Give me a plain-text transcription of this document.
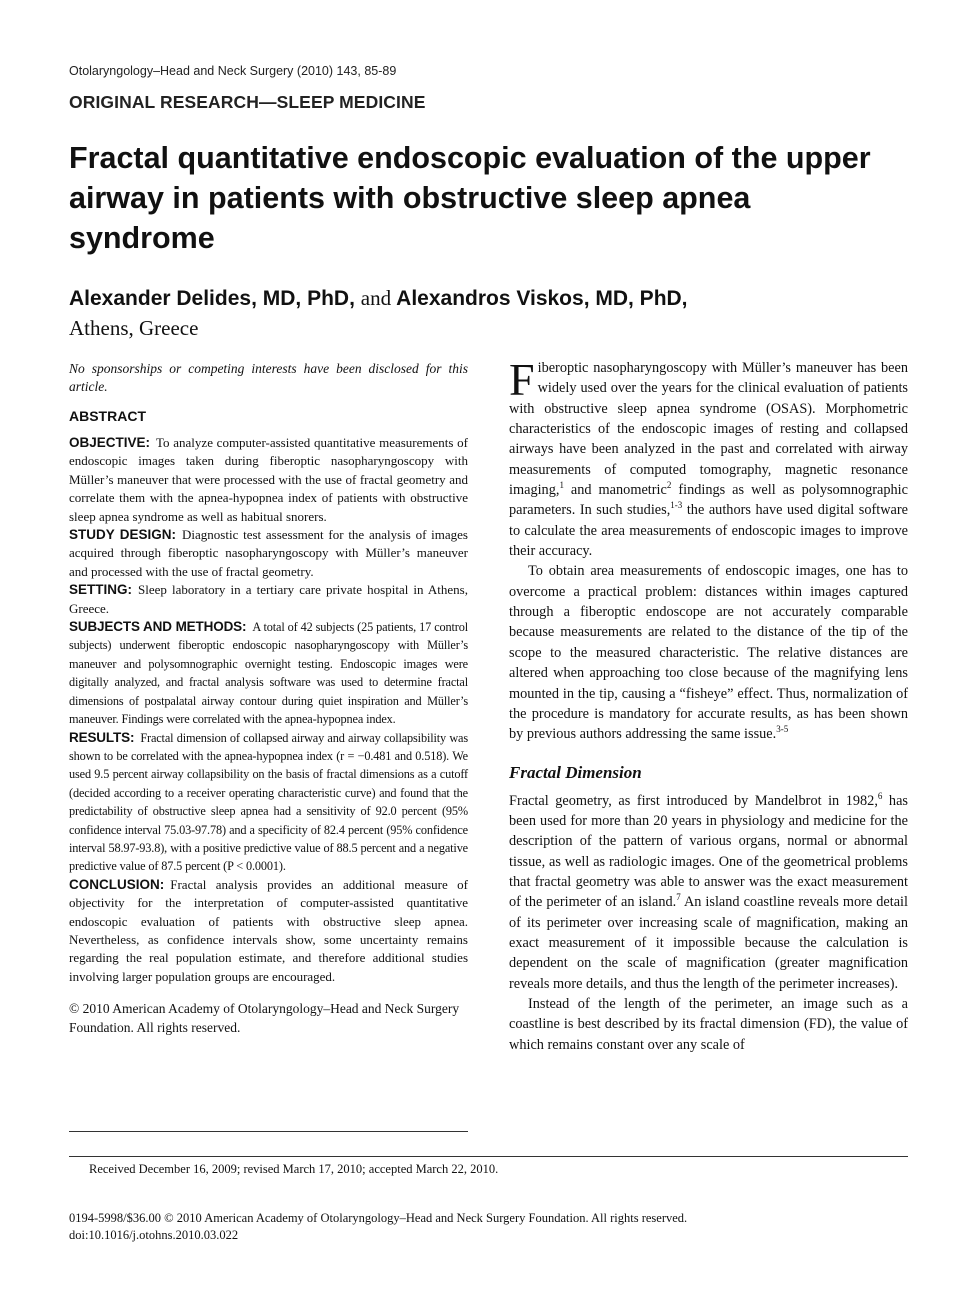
Otolaryngology–Head and Neck Surgery (2010) 143, 85-89
ORIGINAL RESEARCH—SLEEP MEDICINE
Fractal quantitative endoscopic evaluation of the upper airway in patients with obstructive sleep apnea syndrome
Alexander Delides, MD, PhD, and Alexandros Viskos, MD, PhD,
Athens, Greece

No sponsorships or competing interests have been disclosed for this article.

ABSTRACT

OBJECTIVE: To analyze computer-assisted quantitative measurements of endoscopic images taken during fiberoptic nasopharyngoscopy with Müller’s maneuver that were processed with the use of fractal geometry and correlate them with the apnea-hypopnea index of patients with obstructive sleep apnea syndrome as well as habitual snorers.

STUDY DESIGN: Diagnostic test assessment for the analysis of images acquired through fiberoptic nasopharyngoscopy with Müller’s maneuver and processed with the use of fractal geometry.

SETTING: Sleep laboratory in a tertiary care private hospital in Athens, Greece.

SUBJECTS AND METHODS: A total of 42 subjects (25 patients, 17 control subjects) underwent fiberoptic endoscopic nasopharyngoscopy with Müller’s maneuver and polysomnographic overnight testing. Endoscopic images were digitally analyzed, and fractal analysis software was used to determine fractal dimensions of postpalatal airway contour during quiet inspiration and Müller’s maneuver. Findings were correlated with the apnea-hypopnea index.

RESULTS: Fractal dimension of collapsed airway and airway collapsibility was shown to be correlated with the apnea-hypopnea index (r = −0.481 and 0.518). We used 9.5 percent airway collapsibility on the basis of fractal dimensions as a cutoff (decided according to a receiver operating characteristic curve) and found that the predictability of obstructive sleep apnea had a sensitivity of 92.0 percent (95% confidence interval 75.03-97.78) and a specificity of 82.4 percent (95% confidence interval 58.97-93.8), with a positive predictive value of 88.5 percent and a negative predictive value of 87.5 percent (P < 0.0001).

CONCLUSION: Fractal analysis provides an additional measure of objectivity for the interpretation of computer-assisted quantitative endoscopic evaluation of patients with obstructive sleep apnea. Nevertheless, as confidence intervals show, some uncertainty remains regarding the real population estimate, and therefore additional studies involving larger population groups are encouraged.

© 2010 American Academy of Otolaryngology–Head and Neck Surgery Foundation. All rights reserved.

Fiberoptic nasopharyngoscopy with Müller’s maneuver has been widely used over the years for the clinical evaluation of patients with obstructive sleep apnea syndrome (OSAS). Morphometric characteristics of the endoscopic images of resting and collapsed airways have been analyzed in the past and correlated with airway measurements of computed tomography, magnetic resonance imaging,$^1$ and manometric$^2$ findings as well as polysomnographic parameters. In such studies,$^{1-3}$ the authors have used digital software to calculate the area measurements of endoscopic images to improve their accuracy.

To obtain area measurements of endoscopic images, one has to overcome a practical problem: distances within images captured through a fiberoptic endoscope are not accurately comparable because measurements are related to the distance of the tip of the scope to the measured characteristic. The relative distances are altered when approaching too close because of the magnifying lens mounted in the tip, causing a “fisheye” effect. Thus, normalization of the procedure is mandatory for accurate results, as has been shown by previous authors addressing the same issue.$^{3-5}$

Fractal Dimension

Fractal geometry, as first introduced by Mandelbrot in 1982,$^6$ has been used for more than 20 years in physiology and medicine for the description of the pattern of various organs, normal or abnormal tissue, as well as radiologic images. One of the geometrical problems that fractal geometry was able to answer was the exact measurement of the perimeter of an island.$^7$ An island coastline reveals more detail of its perimeter over increasing scale of magnification, making an exact measurement of it impossible because the calculation is dependent on the scale of magnification (greater magnification reveals more details, and thus the length of the perimeter increases).

Instead of the length of the perimeter, an image such as a coastline is best described by its fractal dimension (FD), the value of which remains constant over any scale of

Received December 16, 2009; revised March 17, 2010; accepted March 22, 2010.
0194-5998/$36.00 © 2010 American Academy of Otolaryngology–Head and Neck Surgery Foundation. All rights reserved.
doi:10.1016/j.otohns.2010.03.022
